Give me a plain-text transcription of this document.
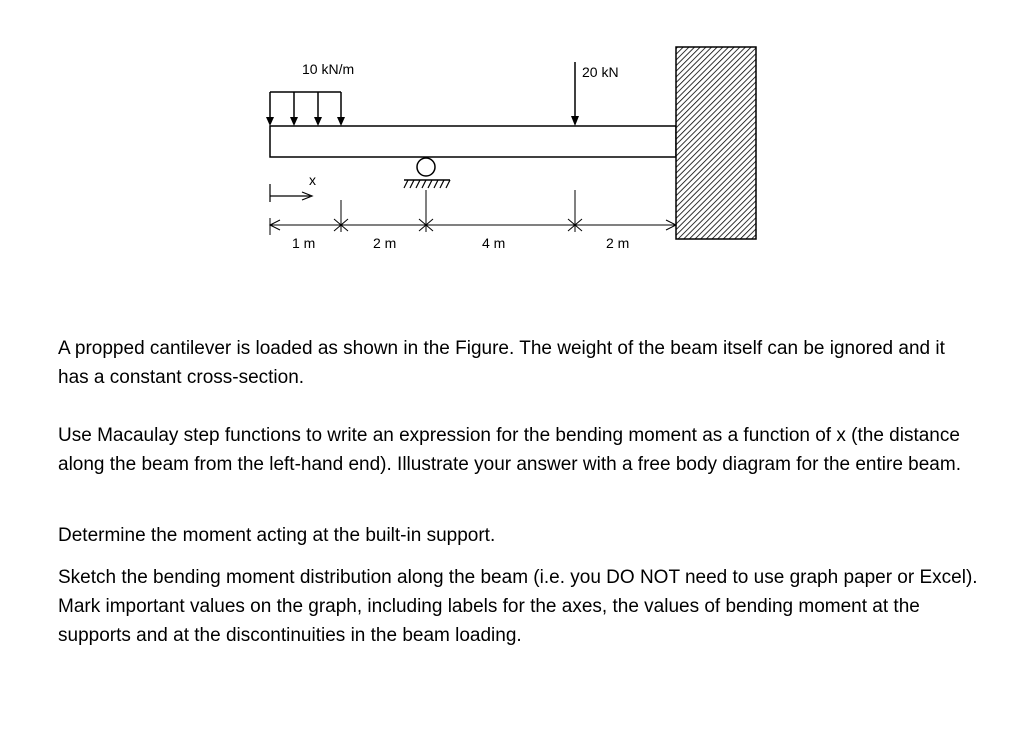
10 kN/m	20 kN
x
1 m	2 m	4 m	2 m

A propped cantilever is loaded as shown in the Figure. The weight of the beam itself can be ignored and it has a constant cross-section.

Use Macaulay step functions to write an expression for the bending moment as a function of x (the distance along the beam from the left-hand end). Illustrate your answer with a free body diagram for the entire beam.

Determine the moment acting at the built-in support.

Sketch the bending moment distribution along the beam (i.e. you DO NOT need to use graph paper or Excel). Mark important values on the graph, including labels for the axes, the values of bending moment at the supports and at the discontinuities in the beam loading.
